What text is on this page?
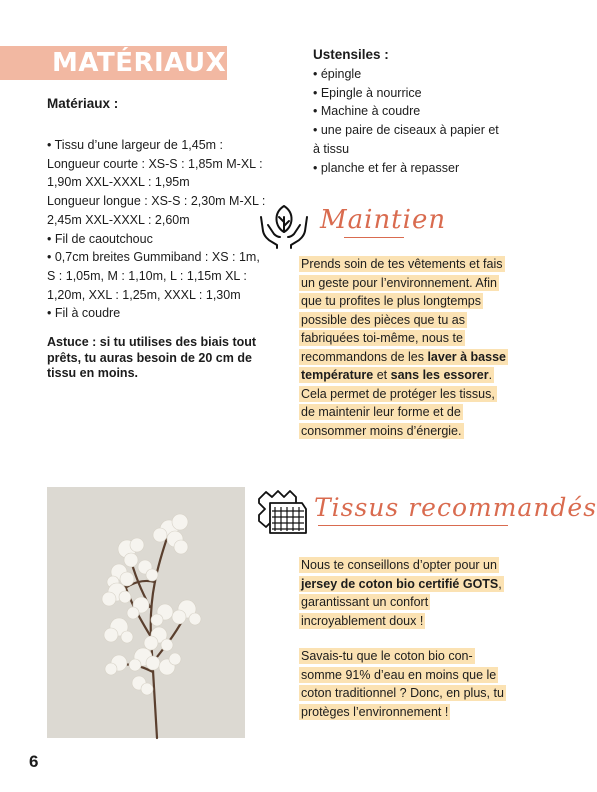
MATÉRIAUX
Matériaux :
• Tissu d’une largeur de 1,45m :
Longueur courte : XS-S : 1,85m M-XL :
1,90m XXL-XXXL : 1,95m
Longueur longue : XS-S : 2,30m M-XL :
2,45m XXL-XXXL : 2,60m
• Fil de caoutchouc
• 0,7cm breites Gummiband : XS : 1m,
S : 1,05m, M : 1,10m, L : 1,15m XL :
1,20m, XXL : 1,25m, XXXL : 1,30m
• Fil à coudre
Astuce : si tu utilises des biais tout
prêts, tu auras besoin de 20 cm de
tissu en moins.
Ustensiles :
• épingle
• Epingle à nourrice
• Machine à coudre
• une paire de ciseaux à papier et
à tissu
• planche et fer à repasser
Maintien
Prends soin de tes vêtements et fais un geste pour l’environnement. Afin que tu profites le plus longtemps possible des pièces que tu as fabriquées toi-même, nous te recommandons de les laver à basse température et sans les essorer. Cela permet de protéger les tissus, de maintenir leur forme et de consommer moins d’énergie.
Tissus recommandés
Nous te conseillons d’opter pour un jersey de coton bio certifié GOTS, garantissant un confort incroyablement doux !
Savais-tu que le coton bio con- somme 91% d’eau en moins que le coton traditionnel ? Donc, en plus, tu protèges l’environnement !
6
